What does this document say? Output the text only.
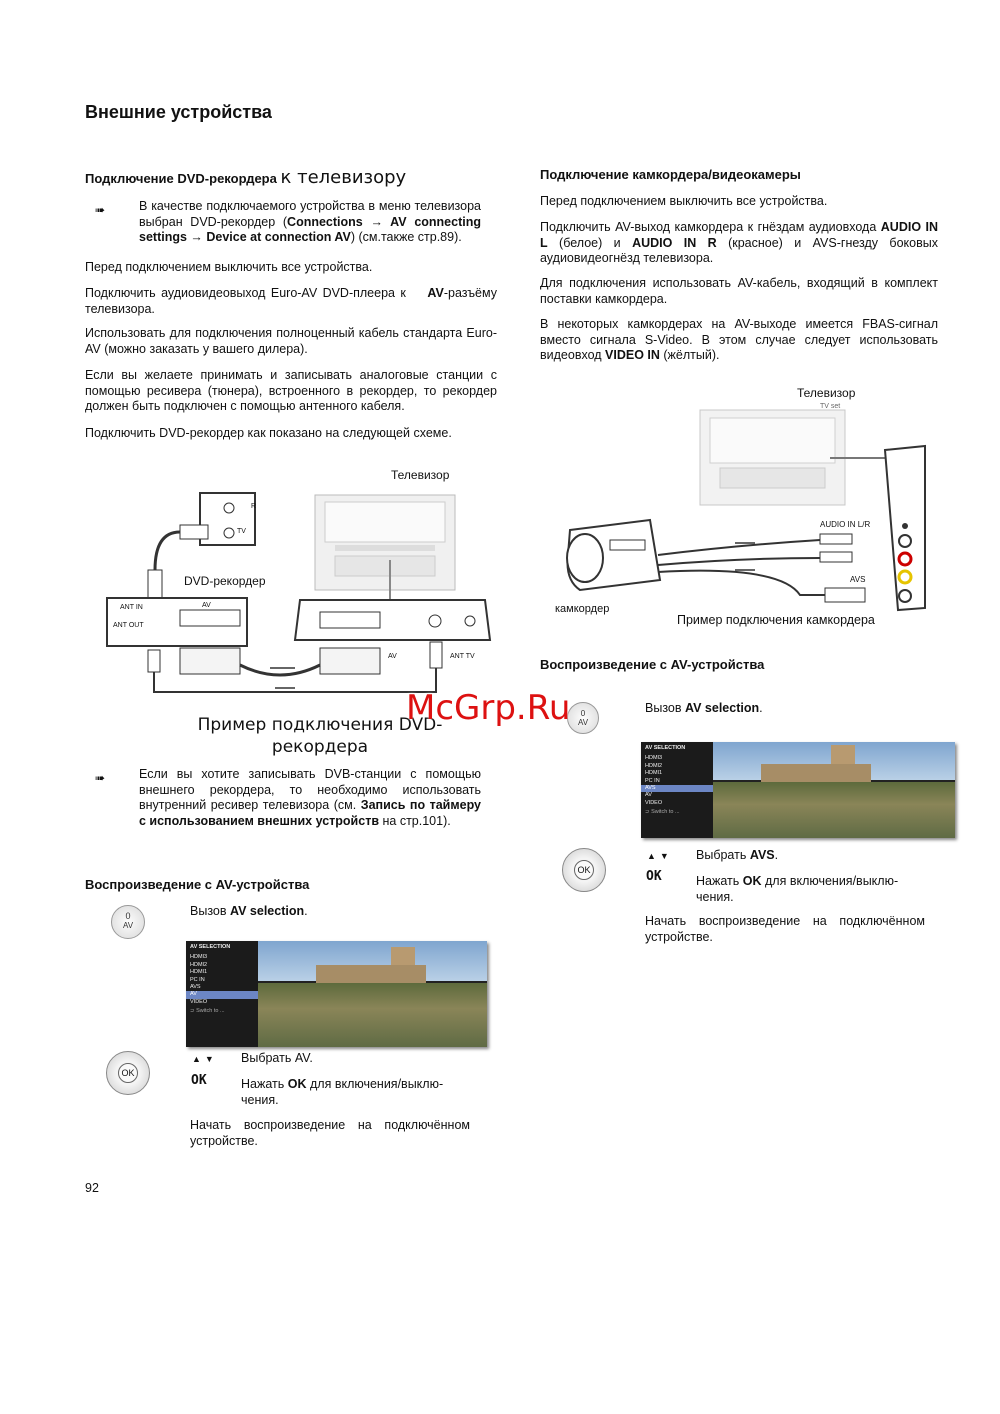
Внешние устройства
Подключение DVD-рекордера к телевизору
➠	В качестве подключаемого устройства в меню телевизора выбран DVD-рекордер (Connections → AV connecting settings → Device at connection AV) (см.также стр.89).

Перед подключением выключить все устройства.

Подключить аудиовидеовыход Euro-AV DVD-плеера к AV-разъёму телевизора.

Использовать для подключения полноценный кабель стандарта Euro-AV (можно заказать у вашего дилера).

Если вы желаете принимать и записывать аналоговые станции с помощью ресивера (тюнера), встроенного в рекордер, то рекордер должен быть подключен с помощью антенного кабеля.

Подключить DVD-рекордер как показано на следующей схеме.

Телевизор
DVD-рекордер
R
TV
ANT IN
ANT OUT
AV
AV	ANT TV
Пример подключения DVD-рекордера
➠	Если вы хотите записывать DVB-станции с помощью внешнего рекордера, то необходимо использовать внутренний ресивер телевизора (см. Запись по таймеру с использованием внешних устройств на стр.101).
Воспроизведение с AV-устройства
0
AV
Вызов AV selection.
AV SELECTION
HDMI3
HDMI2
HDMI1
PC IN
AVS
AV
VIDEO
⊃ Switch to ...
OK
▲▼ Выбрать AV.
OK	Нажать OK для включения/выклю-чения.

Начать воспроизведение на подключённом устройстве.

92
Подключение камкордера/видеокамеры

Перед подключением выключить все устройства.

Подключить AV-выход камкордера к гнёздам аудиовхода AUDIO IN L (белое) и AUDIO IN R (красное) и AVS-гнезду боковых аудиовидеогнёзд телевизора.

Для подключения использовать AV-кабель, входящий в комплект поставки камкордера.

В некоторых камкордерах на AV-выходе имеется FBAS-сигнал вместо сигнала S-Video. В этом случае следует использовать видеовход VIDEO IN (жёлтый).

Телевизор
TV set
AUDIO IN L/R
AVS
камкордер
Пример подключения камкордера
Воспроизведение с AV-устройства
0
AV
Вызов AV selection.
AV SELECTION
HDMI3
HDMI2
HDMI1
PC IN
AVS
AV
VIDEO
⊃ Switch to ...
OK
▲▼ Выбрать AVS.
OK	Нажать OK для включения/выклю-чения.

Начать воспроизведение на подключённом устройстве.

McGrp.Ru
